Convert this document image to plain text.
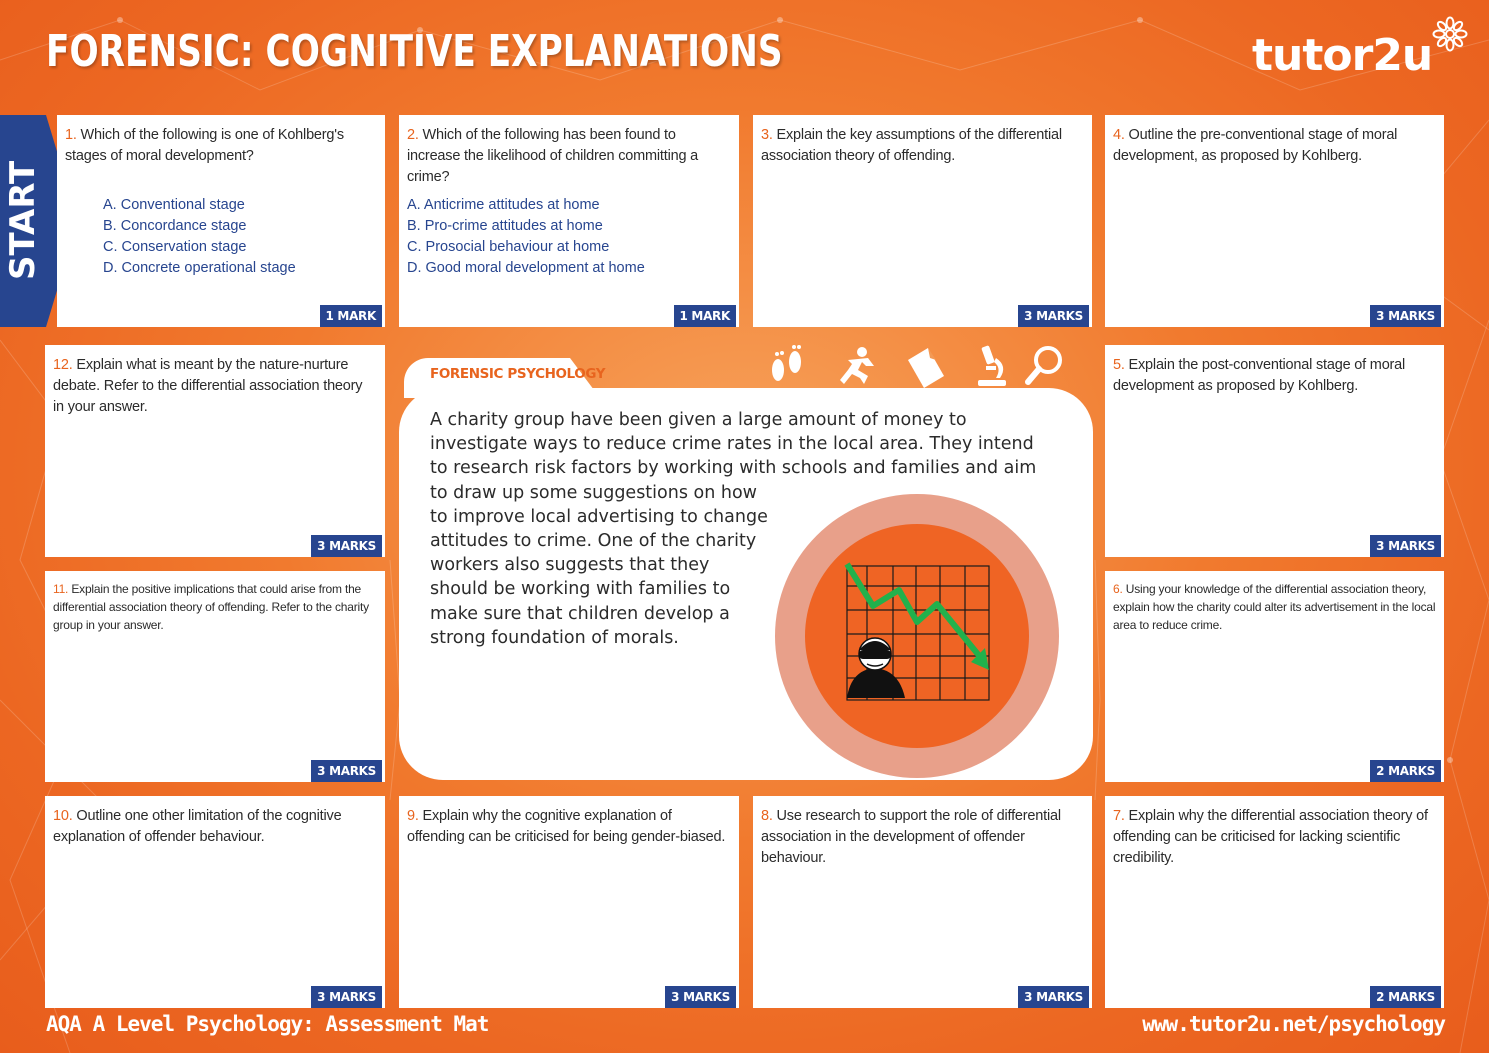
FORENSIC: COGNITIVE EXPLANATIONS	tutor2u
START
1. Which of the following is one of Kohlberg's stages of moral development?
A. Conventional stage
B. Concordance stage
C. Conservation stage
D. Concrete operational stage
1 MARK
2. Which of the following has been found to increase the likelihood of children committing a crime?
A. Anticrime attitudes at home
B. Pro-crime attitudes at home
C. Prosocial behaviour at home
D. Good moral development at home
1 MARK
3. Explain the key assumptions of the differential association theory of offending.
3 MARKS
4. Outline the pre-conventional stage of moral development, as proposed by Kohlberg.
3 MARKS
12. Explain what is meant by the nature-nurture debate. Refer to the differential association theory in your answer.
3 MARKS
5. Explain the post-conventional stage of moral development as proposed by Kohlberg.
3 MARKS
11. Explain the positive implications that could arise from the differential association theory of offending. Refer to the charity group in your answer.
3 MARKS
6. Using your knowledge of the differential association theory, explain how the charity could alter its advertisement in the local area to reduce crime.
2 MARKS
10. Outline one other limitation of the cognitive explanation of offender behaviour.
3 MARKS
9. Explain why the cognitive explanation of offending can be criticised for being gender-biased.
3 MARKS
8. Use research to support the role of differential association in the development of offender behaviour.
3 MARKS
7. Explain why the differential association theory of offending can be criticised for lacking scientific credibility.
2 MARKS
FORENSIC PSYCHOLOGY
A charity group have been given a large amount of money to investigate ways to reduce crime rates in the local area. They intend to research risk factors by working with schools and families and aim
to draw up some suggestions on how to improve local advertising to change attitudes to crime. One of the charity workers also suggests that they should be working with families to make sure that children develop a strong foundation of morals.
AQA A Level Psychology: Assessment Mat	www.tutor2u.net/psychology
